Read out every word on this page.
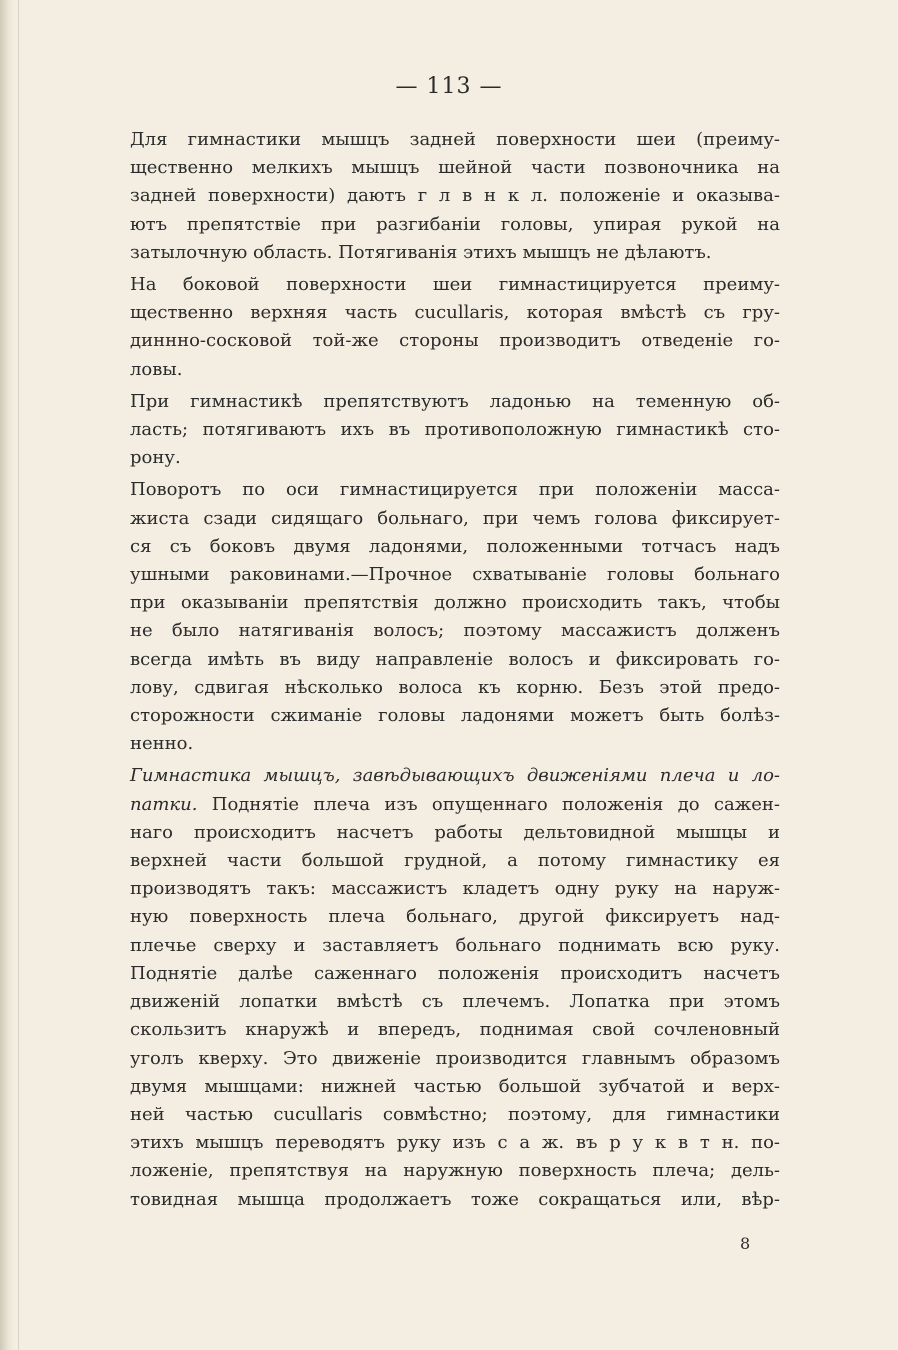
— 113 —
Для гимнастики мышцъ задней поверхности шеи (преиму-
щественно мелкихъ мышцъ шейной части позвоночника на
задней поверхности) даютъ г л в н к л. положеніе и оказыва-
ютъ препятствіе при разгибаніи головы, упирая рукой на
затылочную область. Потягиванія этихъ мышцъ не дѣлаютъ.
На боковой поверхности шеи гимнастицируется преиму-
щественно верхняя часть cucullaris, которая вмѣстѣ съ гру-
диннно-сосковой той-же стороны производитъ отведеніе го-
ловы.
При гимнастикѣ препятствуютъ ладонью на теменную об-
ласть; потягиваютъ ихъ въ противоположную гимнастикѣ сто-
рону.
Поворотъ по оси гимнастицируется при положеніи масса-
жиста сзади сидящаго больнаго, при чемъ голова фиксирует-
ся съ боковъ двумя ладонями, положенными тотчасъ надъ
ушными раковинами.—Прочное схватываніе головы больнаго
при оказываніи препятствія должно происходить такъ, чтобы
не было натягиванія волосъ; поэтому массажистъ долженъ
всегда имѣть въ виду направленіе волосъ и фиксировать го-
лову, сдвигая нѣсколько волоса къ корню. Безъ этой предо-
сторожности сжиманіе головы ладонями можетъ быть болѣз-
ненно.
Гимнастика мышцъ, завѣдывающихъ движеніями плеча и ло-
патки. Поднятіе плеча изъ опущеннаго положенія до сажен-
наго происходитъ насчетъ работы дельтовидной мышцы и
верхней части большой грудной, а потому гимнастику ея
производятъ такъ: массажистъ кладетъ одну руку на наруж-
ную поверхность плеча больнаго, другой фиксируетъ над-
плечье сверху и заставляетъ больнаго поднимать всю руку.
Поднятіе далѣе саженнаго положенія происходитъ насчетъ
движеній лопатки вмѣстѣ съ плечемъ. Лопатка при этомъ
скользитъ кнаружѣ и впередъ, поднимая свой сочленовный
уголъ кверху. Это движеніе производится главнымъ образомъ
двумя мышцами: нижней частью большой зубчатой и верх-
ней частью cucullaris совмѣстно; поэтому, для гимнастики
этихъ мышцъ переводятъ руку изъ с а ж. въ р у к в т н. по-
ложеніе, препятствуя на наружную поверхность плеча; дель-
товидная мышца продолжаетъ тоже сокращаться или, вѣр-
8
